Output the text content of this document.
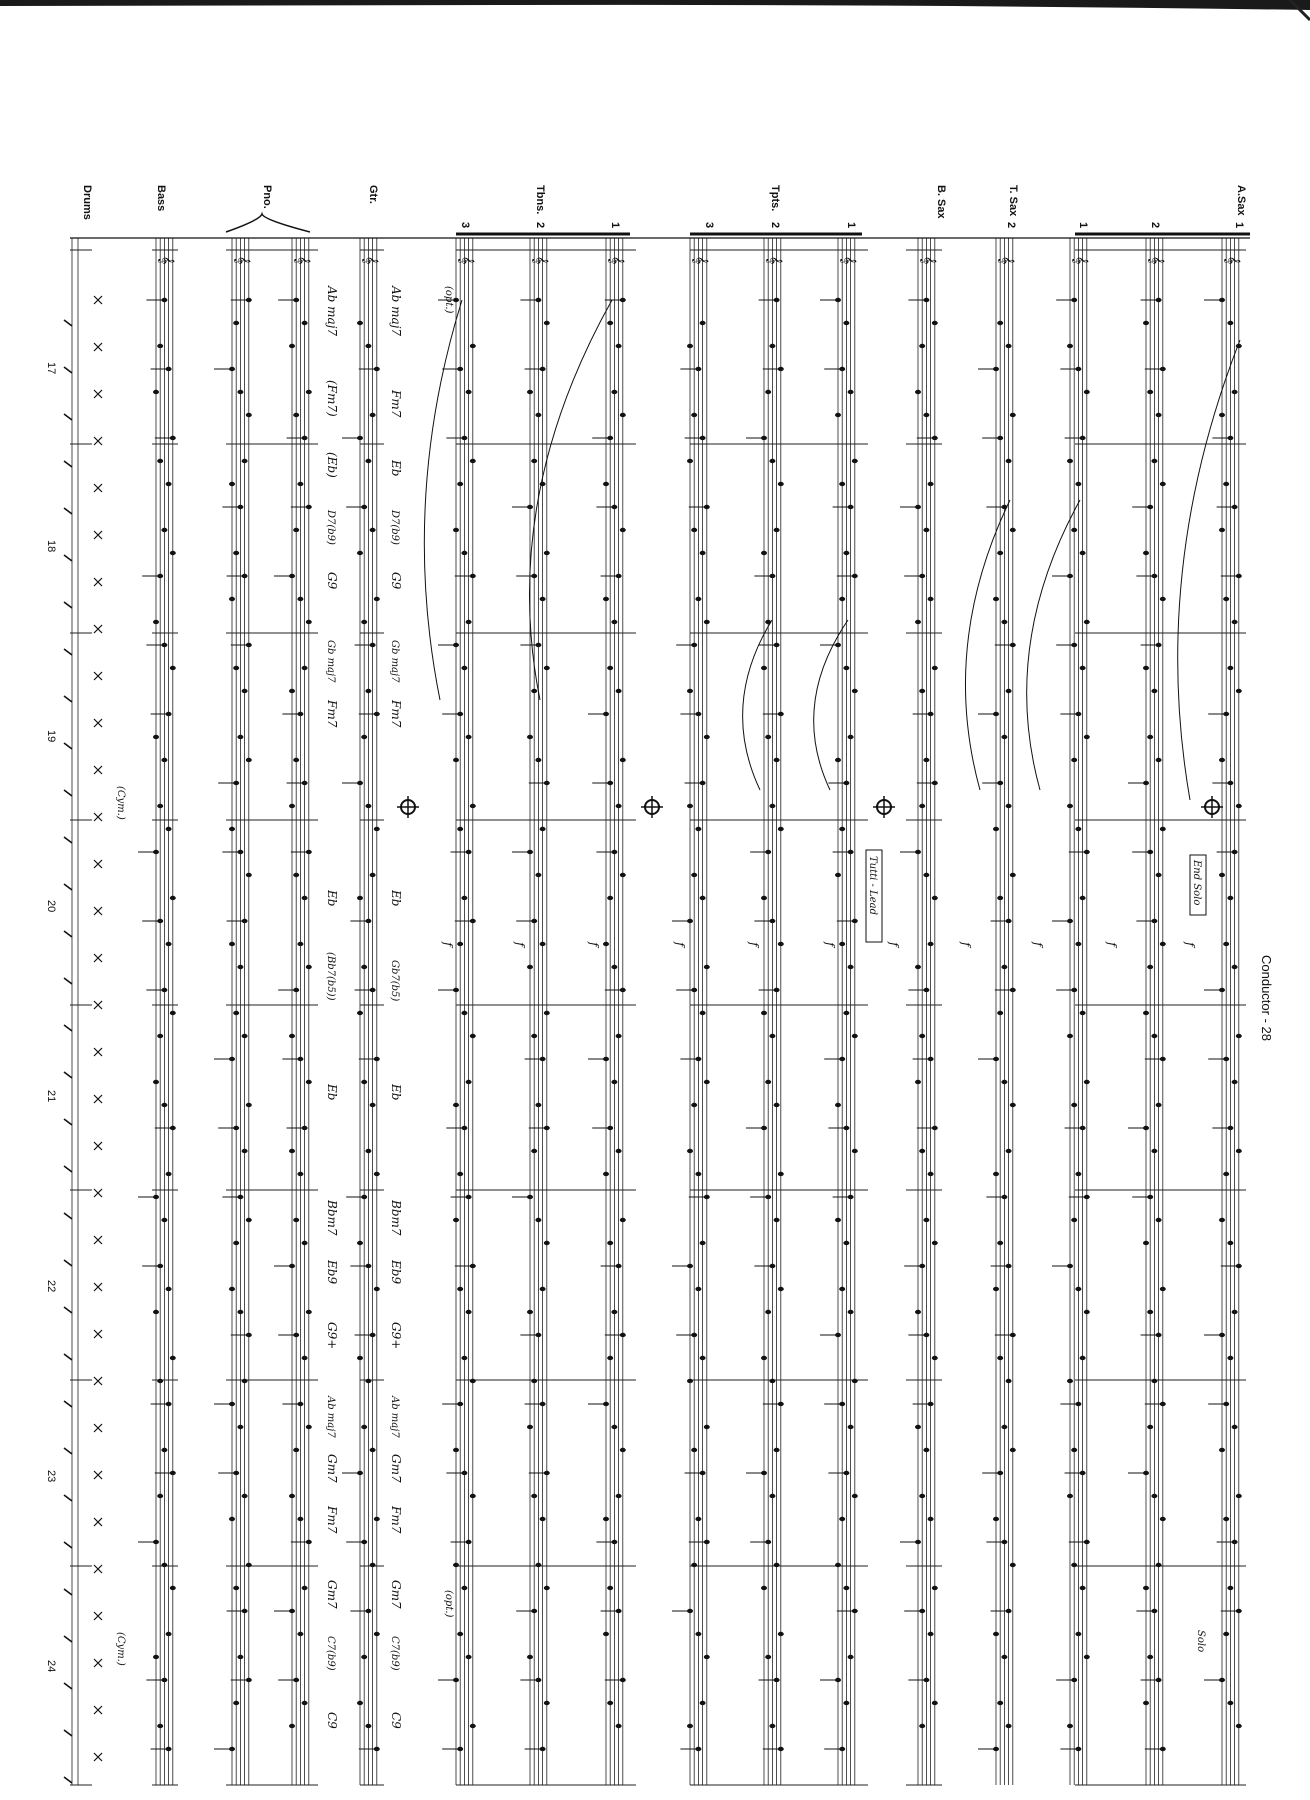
Conductor - 28
𝄞
𝄞
𝄞
𝄞
𝄞
𝄞
𝄞
𝄞
𝄞
𝄞
𝄞
𝄞
𝄞
𝄞
𝄞
A.Sax
T. Sax
B. Sax
Tpts.
Tbns.
Gtr.
Pno.
Bass
Drums
1
2
1
2
1
2
3
1
2
3
17
18
19
20
21
22
23
24
Ab maj7
Fm7
Eb
D7(b9)
G9
Gb maj7
Fm7
Eb
Gb7(b5)
Eb
Bbm7
Eb9
G9+
Ab maj7
Gm7
Fm7
Gm7
C7(b9)
C9
Ab maj7
(Fm7)
(Eb)
D7(b9)
G9
Gb maj7
Fm7
Eb
(Bb7(b5))
Eb
Bbm7
Eb9
G9+
Ab maj7
Gm7
Fm7
Gm7
C7(b9)
C9
End Solo
Tutti - Lead
Solo
(Cym.)
(Cym.)
(opt.)
(opt.)
f
f
f
f
f
f
f
f
f
f
f
